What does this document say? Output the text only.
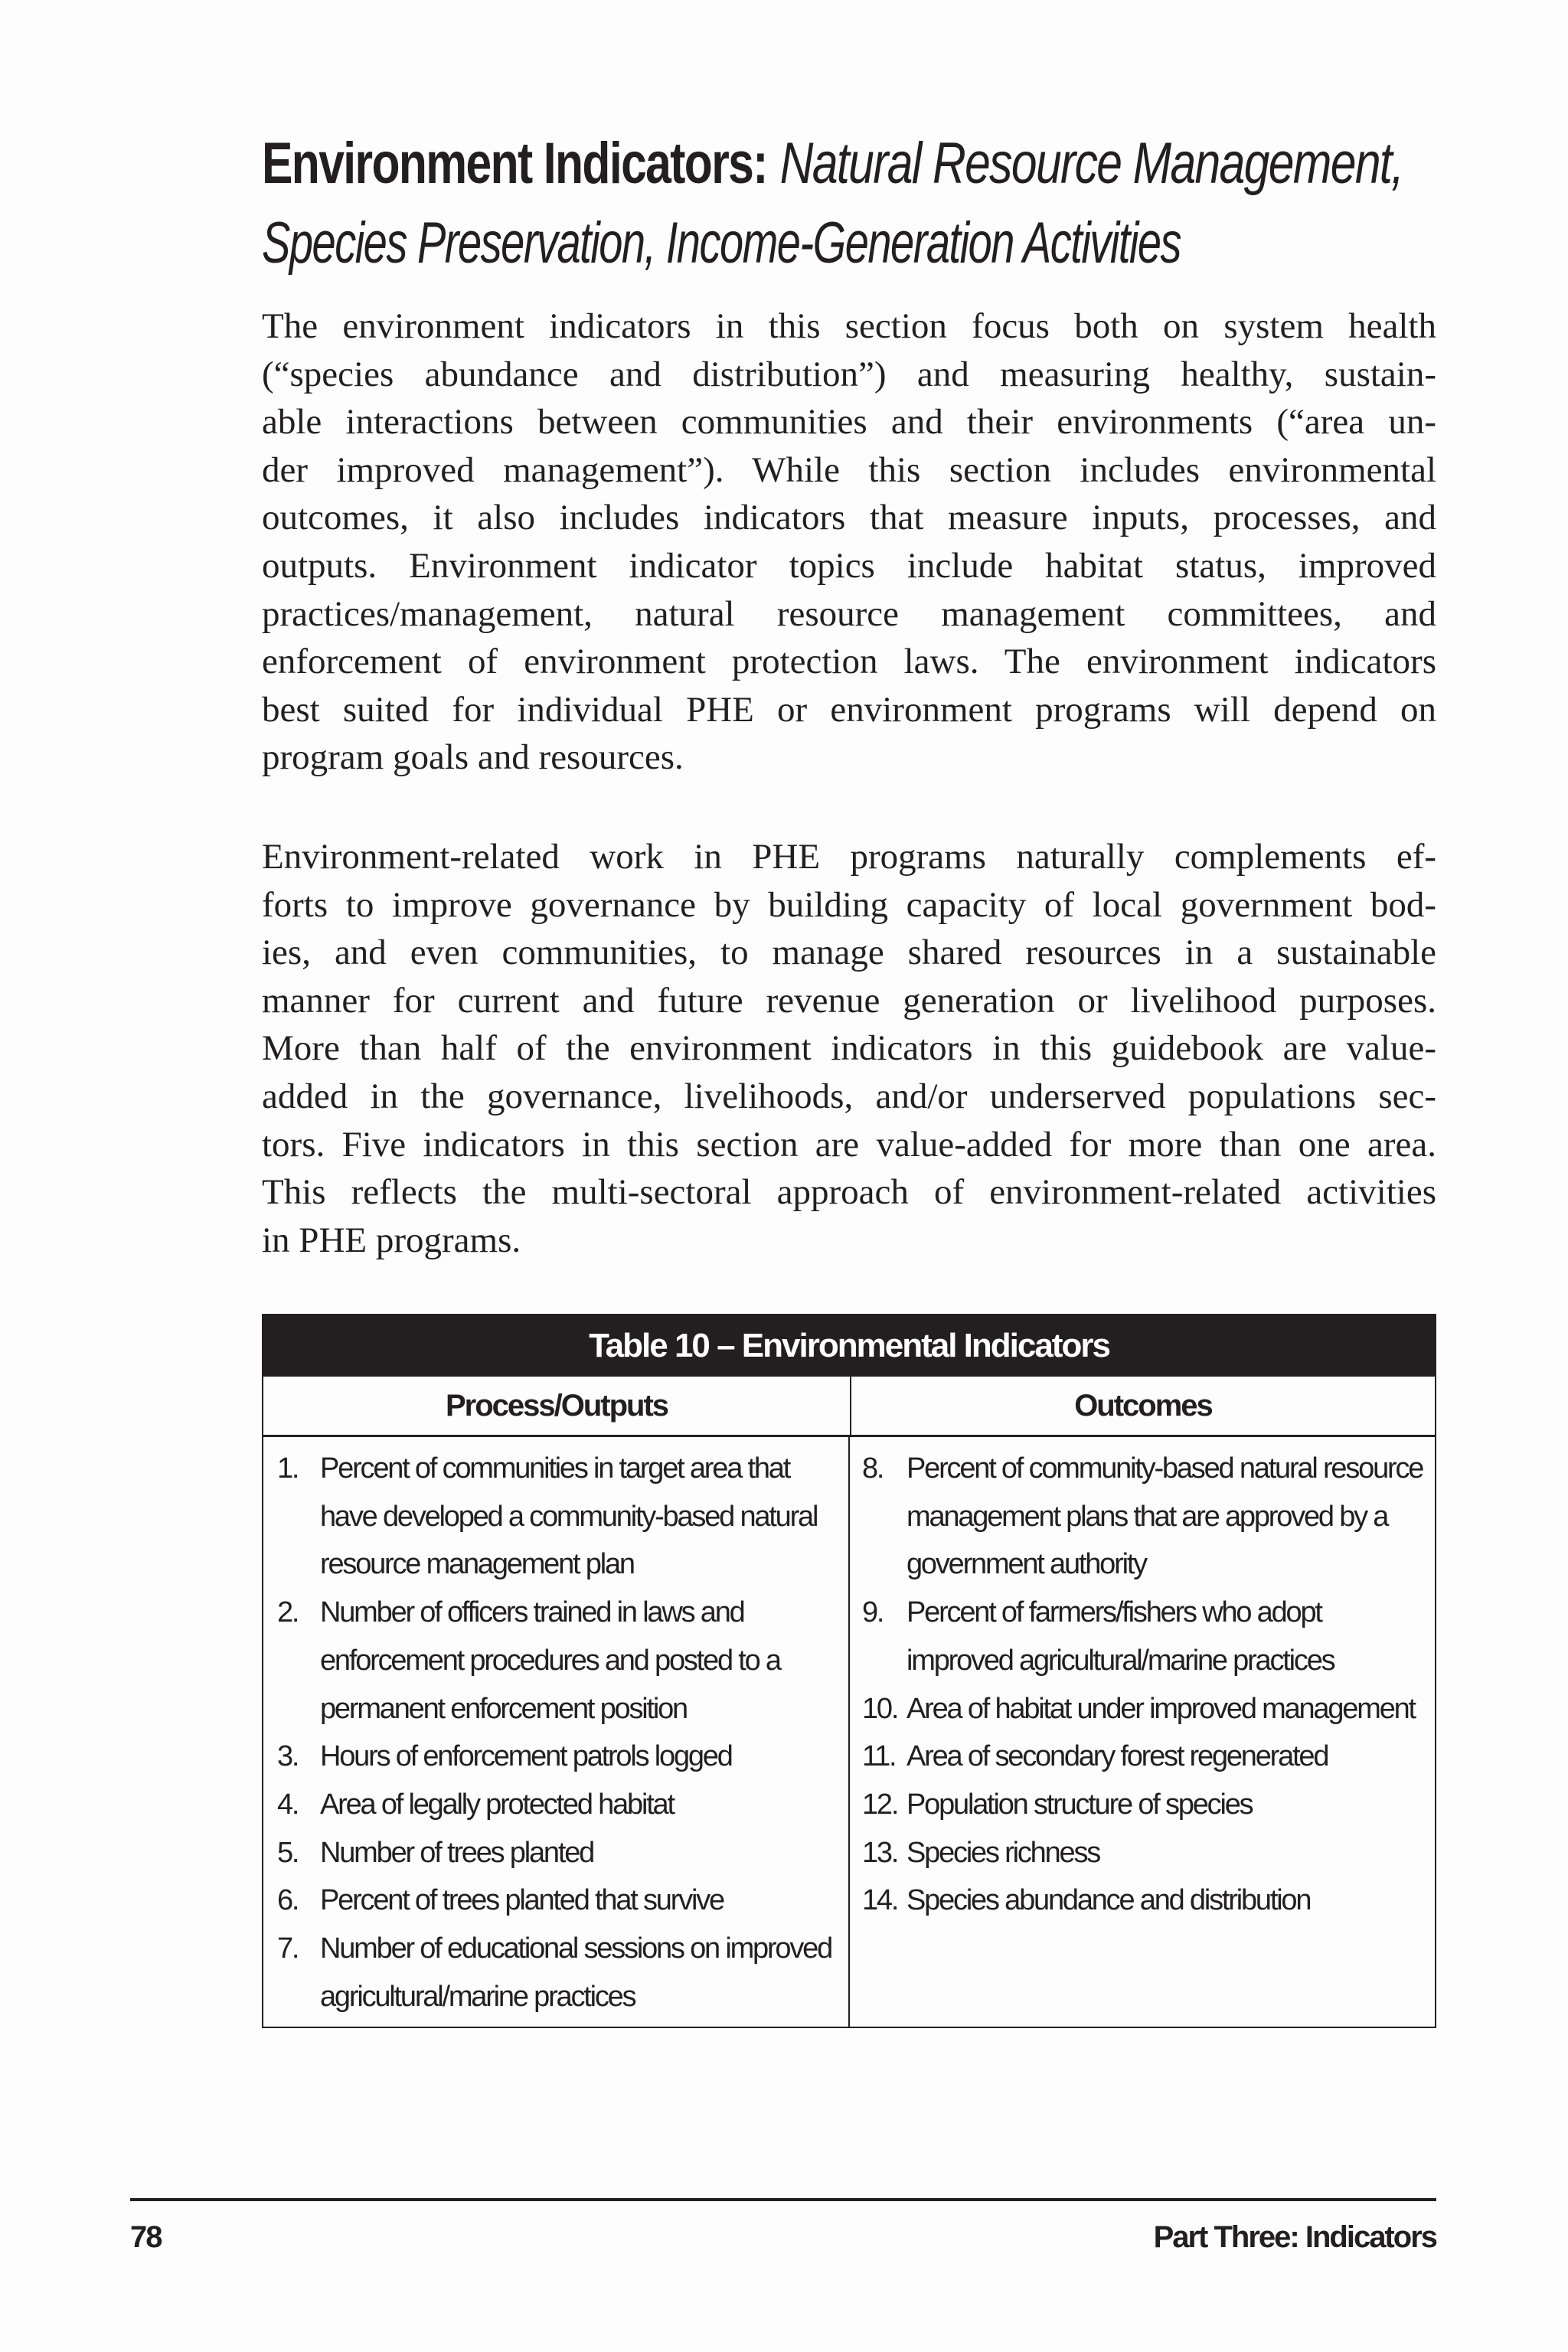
Environment Indicators: Natural Resource Management,
Species Preservation, Income-Generation Activities
The environment indicators in this section focus both on system health
(“species abundance and distribution”) and measuring healthy, sustain-
able interactions between communities and their environments (“area un-
der improved management”). While this section includes environmental
outcomes, it also includes indicators that measure inputs, processes, and
outputs. Environment indicator topics include habitat status, improved
practices/management, natural resource management committees, and
enforcement of environment protection laws. The environment indicators
best suited for individual PHE or environment programs will depend on
program goals and resources.
Environment-related work in PHE programs naturally complements ef-
forts to improve governance by building capacity of local government bod-
ies, and even communities, to manage shared resources in a sustainable
manner for current and future revenue generation or livelihood purposes.
More than half of the environment indicators in this guidebook are value-
added in the governance, livelihoods, and/or underserved populations sec-
tors. Five indicators in this section are value-added for more than one area.
This reflects the multi-sectoral approach of environment-related activities
in PHE programs.
Table 10 – Environmental Indicators
Process/Outputs	Outcomes
1. Percent of communities in target area that
have developed a community-based natural
resource management plan
2. Number of officers trained in laws and
enforcement procedures and posted to a
permanent enforcement position
3. Hours of enforcement patrols logged
4. Area of legally protected habitat
5. Number of trees planted
6. Percent of trees planted that survive
7. Number of educational sessions on improved
agricultural/marine practices
8. Percent of community-based natural resource
management plans that are approved by a
government authority
9. Percent of farmers/fishers who adopt
improved agricultural/marine practices
10. Area of habitat under improved management
11. Area of secondary forest regenerated
12. Population structure of species
13. Species richness
14. Species abundance and distribution
78	Part Three: Indicators
